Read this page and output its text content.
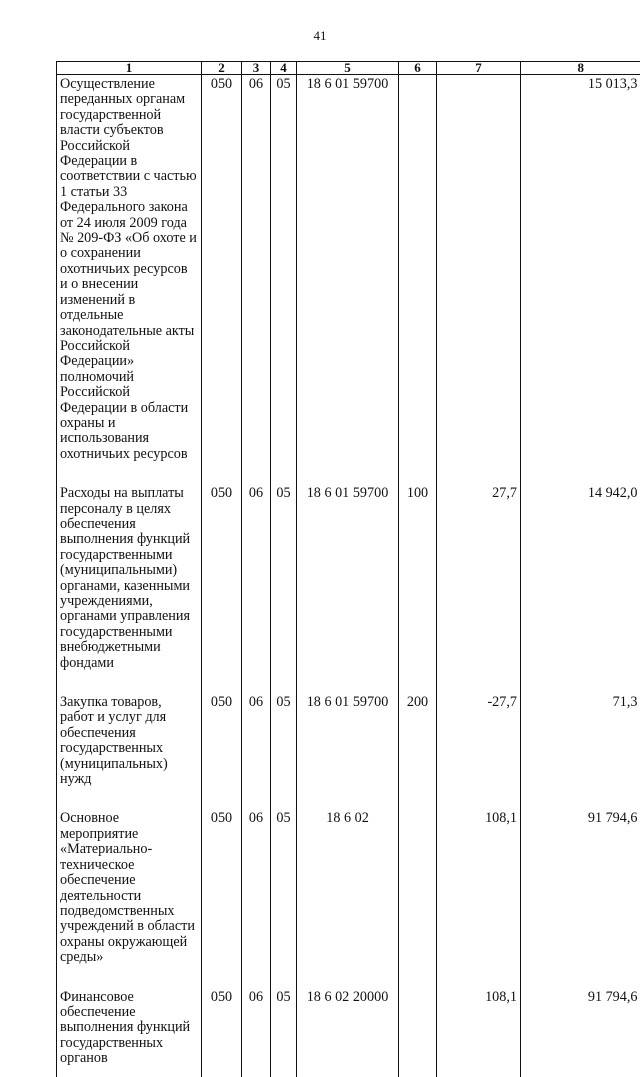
41
1	2	3	4	5	6	7	8
Осуществление переданных органам государственной власти субъектов Российской Федерации в соответствии с частью 1 статьи 33 Федерального закона от 24 июля 2009 года № 209-ФЗ «Об охоте и о сохранении охотничьих ресурсов и о внесении изменений в отдельные законодательные акты Российской Федерации» полномочий Российской Федерации в области охраны и использования охотничьих ресурсов	050	06	05	18 6 01 59700			15 013,3
Расходы на выплаты персоналу в целях обеспечения выполнения функций государственными (муниципальными) органами, казенными учреждениями, органами управления государственными внебюджетными фондами	050	06	05	18 6 01 59700	100	27,7	14 942,0
Закупка товаров, работ и услуг для обеспечения государственных (муниципальных) нужд	050	06	05	18 6 01 59700	200	-27,7	71,3
Основное мероприятие «Материально-техническое обеспечение деятельности подведомственных учреждений в области охраны окружающей среды»	050	06	05	18 6 02		108,1	91 794,6
Финансовое обеспечение выполнения функций государственных органов	050	06	05	18 6 02 20000		108,1	91 794,6
